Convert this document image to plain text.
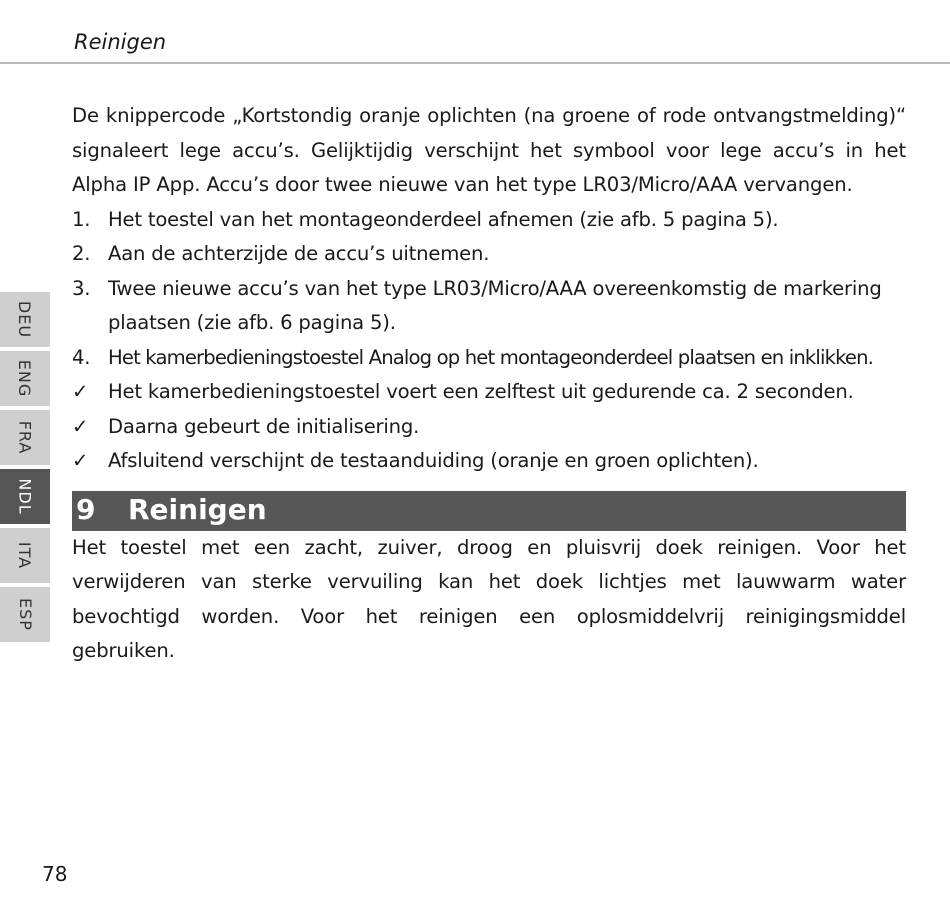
Reinigen

De knippercode „Kortstondig oranje oplichten (na groene of rode ontvangstmelding)“ signaleert lege accu’s. Gelijktijdig verschijnt het symbool voor lege accu’s in het Alpha IP App. Accu’s door twee nieuwe van het type LR03/Micro/AAA vervangen.

1. Het toestel van het montageonderdeel afnemen (zie afb. 5 pagina 5).
2. Aan de achterzijde de accu’s uitnemen.
3. Twee nieuwe accu’s van het type LR03/Micro/AAA overeenkomstig de markering plaatsen (zie afb. 6 pagina 5).
4. Het kamerbedieningstoestel Analog op het montageonderdeel plaatsen en inklikken.
✓ Het kamerbedieningstoestel voert een zelftest uit gedurende ca. 2 seconden.
✓ Daarna gebeurt de initialisering.
✓ Afsluitend verschijnt de testaanduiding (oranje en groen oplichten).
9	Reinigen

Het toestel met een zacht, zuiver, droog en pluisvrij doek reinigen. Voor het verwijderen van sterke vervuiling kan het doek lichtjes met lauwwarm water bevochtigd worden. Voor het reinigen een oplosmiddelvrij reinigingsmiddel gebruiken.

DEU
ENG
FRA
NDL
ITA
ESP
78
